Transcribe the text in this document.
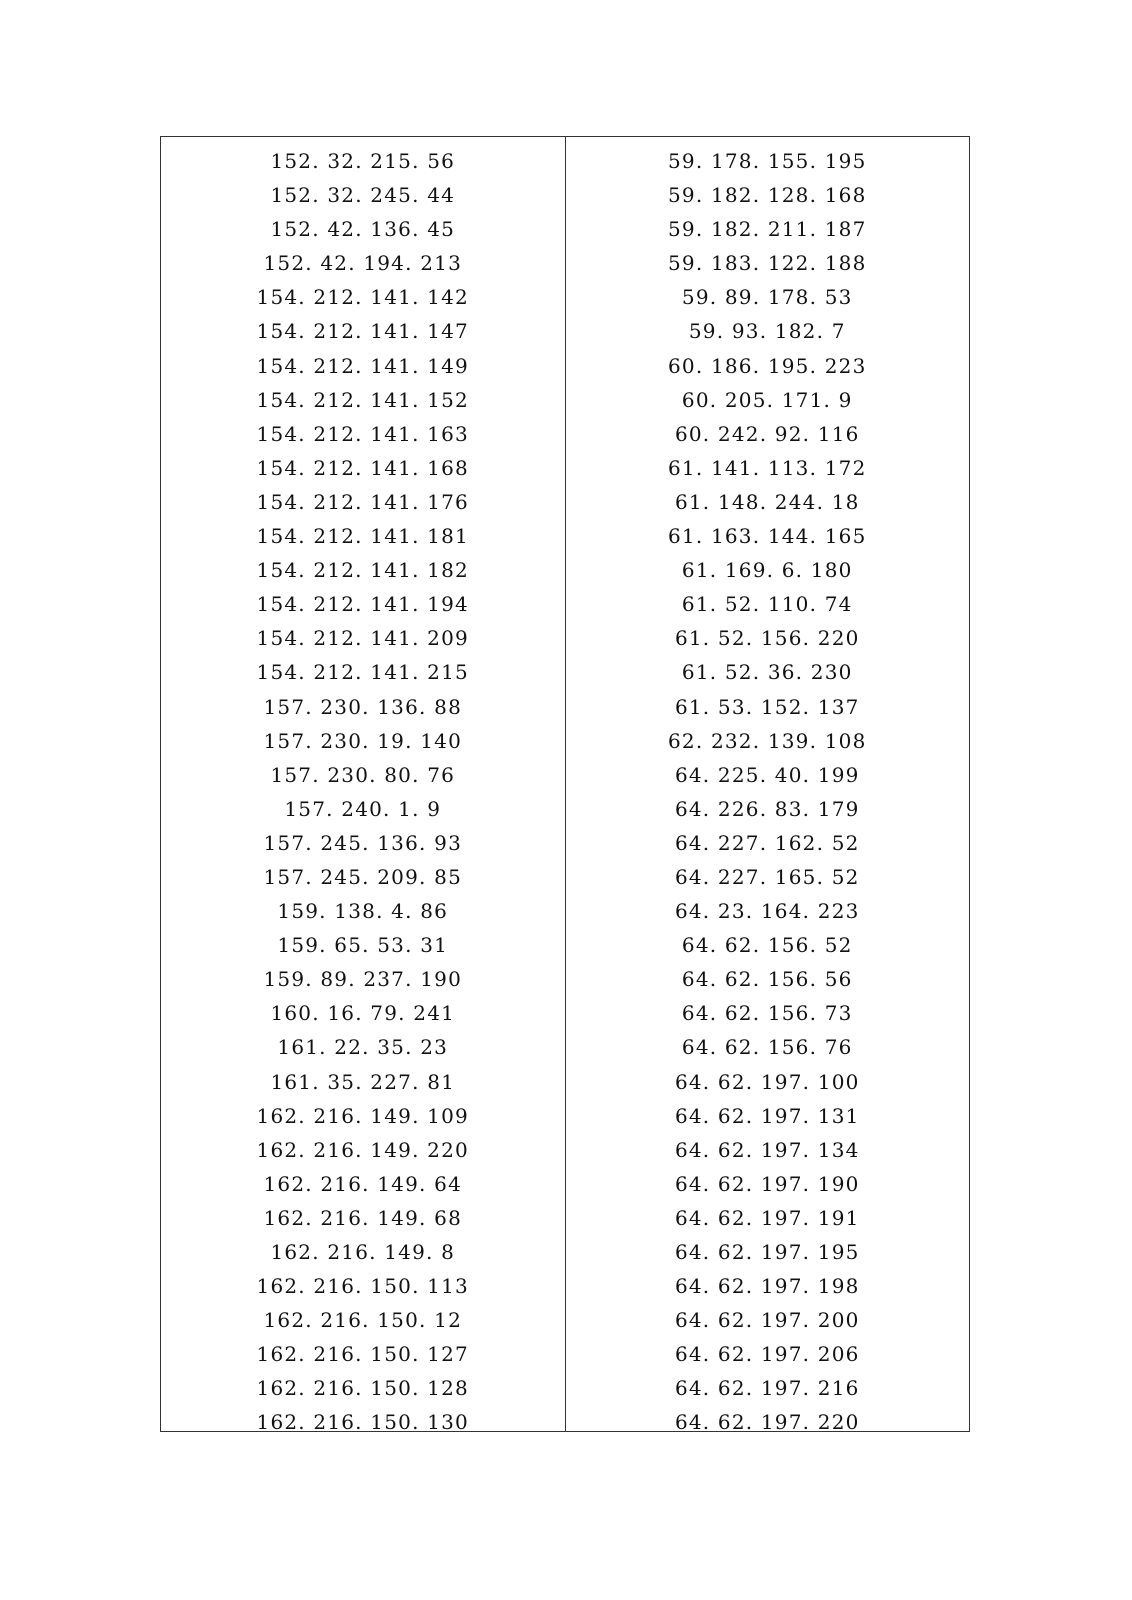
152. 32. 215. 56
152. 32. 245. 44
152. 42. 136. 45
152. 42. 194. 213
154. 212. 141. 142
154. 212. 141. 147
154. 212. 141. 149
154. 212. 141. 152
154. 212. 141. 163
154. 212. 141. 168
154. 212. 141. 176
154. 212. 141. 181
154. 212. 141. 182
154. 212. 141. 194
154. 212. 141. 209
154. 212. 141. 215
157. 230. 136. 88
157. 230. 19. 140
157. 230. 80. 76
157. 240. 1. 9
157. 245. 136. 93
157. 245. 209. 85
159. 138. 4. 86
159. 65. 53. 31
159. 89. 237. 190
160. 16. 79. 241
161. 22. 35. 23
161. 35. 227. 81
162. 216. 149. 109
162. 216. 149. 220
162. 216. 149. 64
162. 216. 149. 68
162. 216. 149. 8
162. 216. 150. 113
162. 216. 150. 12
162. 216. 150. 127
162. 216. 150. 128
162. 216. 150. 130
59. 178. 155. 195
59. 182. 128. 168
59. 182. 211. 187
59. 183. 122. 188
59. 89. 178. 53
59. 93. 182. 7
60. 186. 195. 223
60. 205. 171. 9
60. 242. 92. 116
61. 141. 113. 172
61. 148. 244. 18
61. 163. 144. 165
61. 169. 6. 180
61. 52. 110. 74
61. 52. 156. 220
61. 52. 36. 230
61. 53. 152. 137
62. 232. 139. 108
64. 225. 40. 199
64. 226. 83. 179
64. 227. 162. 52
64. 227. 165. 52
64. 23. 164. 223
64. 62. 156. 52
64. 62. 156. 56
64. 62. 156. 73
64. 62. 156. 76
64. 62. 197. 100
64. 62. 197. 131
64. 62. 197. 134
64. 62. 197. 190
64. 62. 197. 191
64. 62. 197. 195
64. 62. 197. 198
64. 62. 197. 200
64. 62. 197. 206
64. 62. 197. 216
64. 62. 197. 220
